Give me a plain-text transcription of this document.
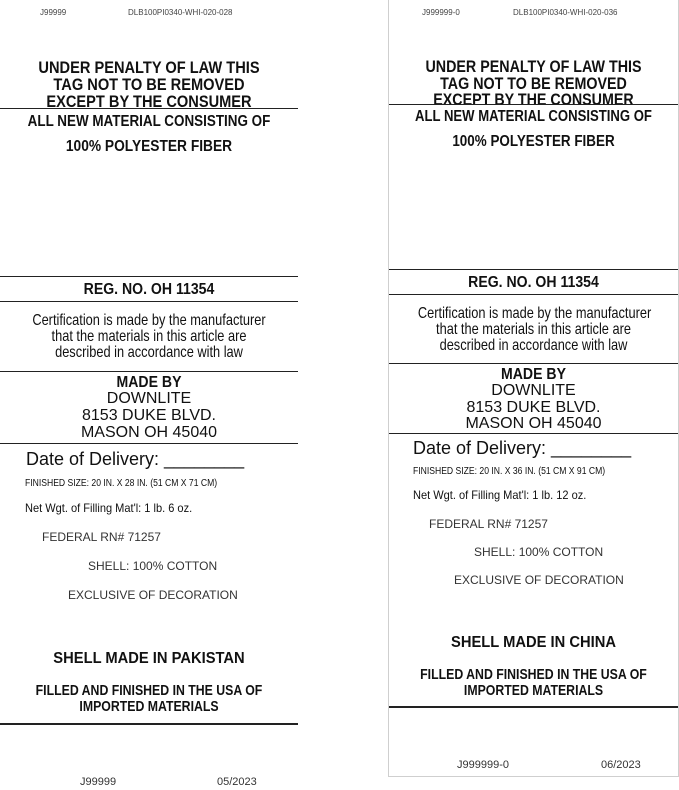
J99999	DLB100PI0340-WHI-020-028
UNDER PENALTY OF LAW THIS
TAG NOT TO BE REMOVED
EXCEPT BY THE CONSUMER
ALL NEW MATERIAL CONSISTING OF
100% POLYESTER FIBER
REG. NO. OH 11354
Certification is made by the manufacturer
that the materials in this article are
described in accordance with law
MADE BY
DOWNLITE
8153 DUKE BLVD.
MASON OH 45040
Date of Delivery: ________
FINISHED SIZE: 20 IN. X 28 IN. (51 CM X 71 CM)
Net Wgt. of Filling Mat'l: 1 lb. 6 oz.
FEDERAL RN# 71257
SHELL: 100% COTTON
EXCLUSIVE OF DECORATION
SHELL MADE IN PAKISTAN
FILLED AND FINISHED IN THE USA OF
IMPORTED MATERIALS
J99999	05/2023
J999999-0	DLB100PI0340-WHI-020-036
UNDER PENALTY OF LAW THIS
TAG NOT TO BE REMOVED
EXCEPT BY THE CONSUMER
ALL NEW MATERIAL CONSISTING OF
100% POLYESTER FIBER
REG. NO. OH 11354
Certification is made by the manufacturer
that the materials in this article are
described in accordance with law
MADE BY
DOWNLITE
8153 DUKE BLVD.
MASON OH 45040
Date of Delivery: ________
FINISHED SIZE: 20 IN. X 36 IN. (51 CM X 91 CM)
Net Wgt. of Filling Mat'l: 1 lb. 12 oz.
FEDERAL RN# 71257
SHELL: 100% COTTON
EXCLUSIVE OF DECORATION
SHELL MADE IN CHINA
FILLED AND FINISHED IN THE USA OF
IMPORTED MATERIALS
J999999-0	06/2023
